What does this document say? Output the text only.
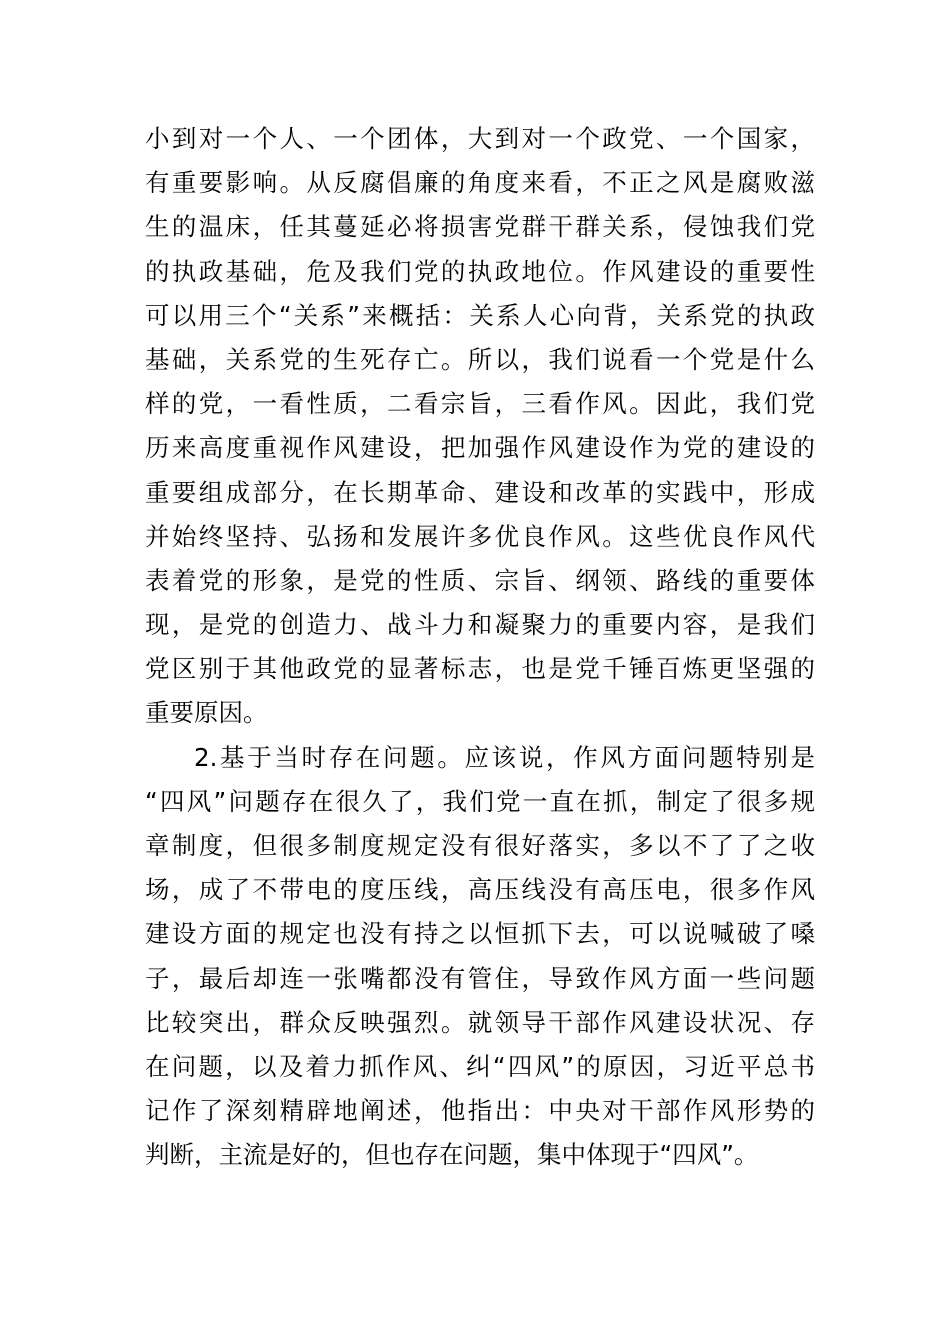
小到对一个人、一个团体，大到对一个政党、一个国家，
有重要影响。从反腐倡廉的角度来看，不正之风是腐败滋
生的温床，任其蔓延必将损害党群干群关系，侵蚀我们党
的执政基础，危及我们党的执政地位。作风建设的重要性
可以用三个“关系”来概括：关系人心向背，关系党的执政
基础，关系党的生死存亡。所以，我们说看一个党是什么
样的党，一看性质，二看宗旨，三看作风。因此，我们党
历来高度重视作风建设，把加强作风建设作为党的建设的
重要组成部分，在长期革命、建设和改革的实践中，形成
并始终坚持、弘扬和发展许多优良作风。这些优良作风代
表着党的形象，是党的性质、宗旨、纲领、路线的重要体
现，是党的创造力、战斗力和凝聚力的重要内容，是我们
党区别于其他政党的显著标志，也是党千锤百炼更坚强的
重要原因。
2.基于当时存在问题。应该说，作风方面问题特别是
“四风”问题存在很久了，我们党一直在抓，制定了很多规
章制度，但很多制度规定没有很好落实，多以不了了之收
场，成了不带电的度压线，高压线没有高压电，很多作风
建设方面的规定也没有持之以恒抓下去，可以说喊破了嗓
子，最后却连一张嘴都没有管住，导致作风方面一些问题
比较突出，群众反映强烈。就领导干部作风建设状况、存
在问题，以及着力抓作风、纠“四风”的原因，习近平总书
记作了深刻精辟地阐述，他指出：中央对干部作风形势的
判断，主流是好的，但也存在问题，集中体现于“四风”。
